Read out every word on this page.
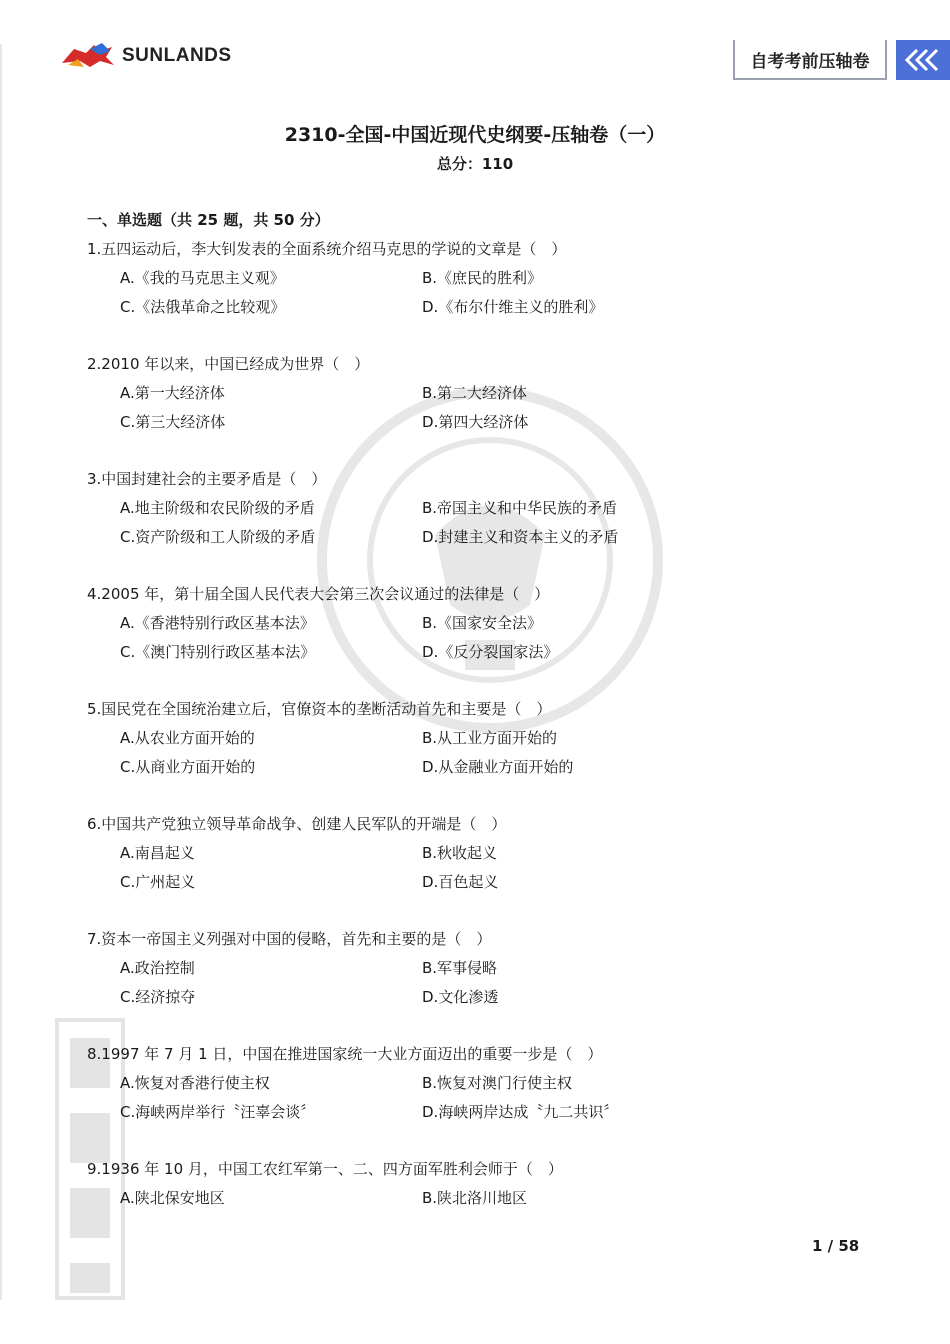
SUNLANDS	自考考前压轴卷
2310-全国-中国近现代史纲要-压轴卷（一）
总分：110
一、单选题（共 25 题，共 50 分）
1.五四运动后，李大钊发表的全面系统介绍马克思的学说的文章是（　）
A.《我的马克思主义观》	B.《庶民的胜利》
C.《法俄革命之比较观》	D.《布尔什维主义的胜利》
2.2010 年以来，中国已经成为世界（　）
A.第一大经济体	B.第二大经济体
C.第三大经济体	D.第四大经济体
3.中国封建社会的主要矛盾是（　）
A.地主阶级和农民阶级的矛盾	B.帝国主义和中华民族的矛盾
C.资产阶级和工人阶级的矛盾	D.封建主义和资本主义的矛盾
4.2005 年，第十届全国人民代表大会第三次会议通过的法律是（　）
A.《香港特别行政区基本法》	B.《国家安全法》
C.《澳门特别行政区基本法》	D.《反分裂国家法》
5.国民党在全国统治建立后，官僚资本的垄断活动首先和主要是（　）
A.从农业方面开始的	B.从工业方面开始的
C.从商业方面开始的	D.从金融业方面开始的
6.中国共产党独立领导革命战争、创建人民军队的开端是（　）
A.南昌起义	B.秋收起义
C.广州起义	D.百色起义
7.资本一帝国主义列强对中国的侵略，首先和主要的是（　）
A.政治控制	B.军事侵略
C.经济掠夺	D.文化渗透
8.1997 年 7 月 1 日，中国在推进国家统一大业方面迈出的重要一步是（　）
A.恢复对香港行使主权	B.恢复对澳门行使主权
C.海峡两岸举行〝汪辜会谈〞	D.海峡两岸达成〝九二共识〞
9.1936 年 10 月，中国工农红军第一、二、四方面军胜利会师于（　）
A.陕北保安地区	B.陕北洛川地区
1 / 58
